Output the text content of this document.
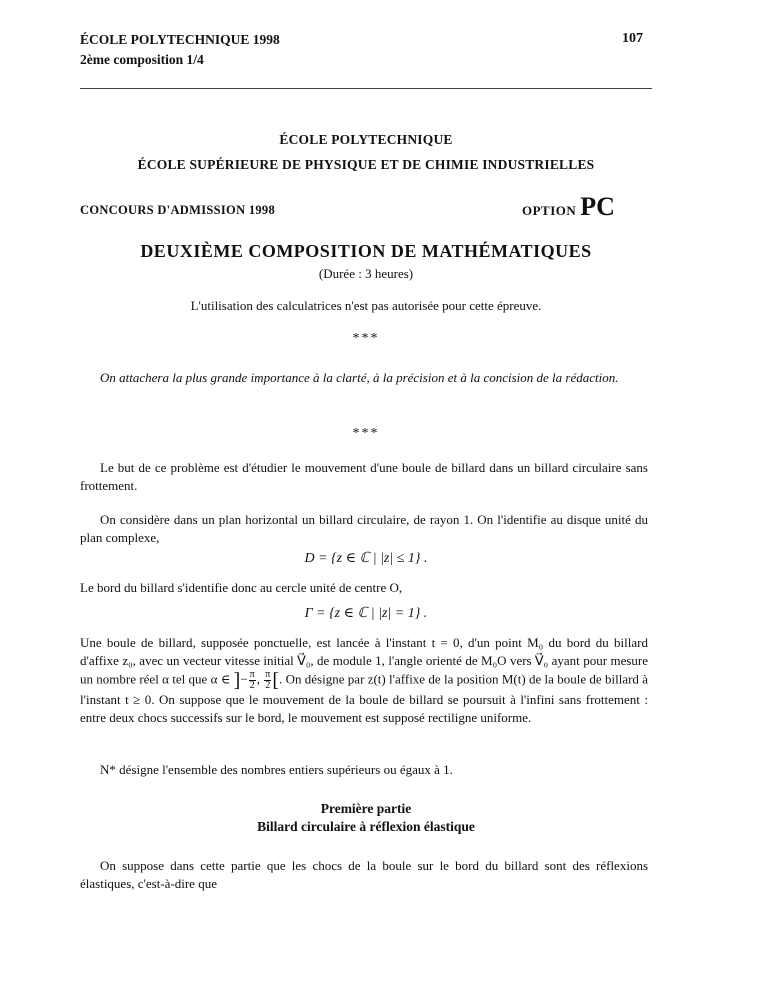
ÉCOLE POLYTECHNIQUE 1998
2ème composition 1/4
107
ÉCOLE POLYTECHNIQUE
ÉCOLE SUPÉRIEURE DE PHYSIQUE ET DE CHIMIE INDUSTRIELLES
CONCOURS D'ADMISSION 1998	OPTION PC
DEUXIÈME COMPOSITION DE MATHÉMATIQUES
(Durée : 3 heures)
L'utilisation des calculatrices n'est pas autorisée pour cette épreuve.
***
On attachera la plus grande importance à la clarté, à la précision et à la concision de la rédaction.
***
Le but de ce problème est d'étudier le mouvement d'une boule de billard dans un billard circulaire sans frottement.
On considère dans un plan horizontal un billard circulaire, de rayon 1. On l'identifie au disque unité du plan complexe,
D = {z ∈ ℂ | |z| ≤ 1} .
Le bord du billard s'identifie donc au cercle unité de centre O,
Γ = {z ∈ ℂ | |z| = 1} .
Une boule de billard, supposée ponctuelle, est lancée à l'instant t = 0, d'un point M₀ du bord du billard d'affixe z₀, avec un vecteur vitesse initial V⃗₀, de module 1, l'angle orienté de M₀O vers V⃗₀ ayant pour mesure un nombre réel α tel que α ∈ ]− $\frac{\pi}{2}$ , $\frac{\pi}{2}$ [. On désigne par z(t) l'affixe de la position M(t) de la boule de billard à l'instant t ≥ 0. On suppose que le mouvement de la boule de billard se poursuit à l'infini sans frottement : entre deux chocs successifs sur le bord, le mouvement est supposé rectiligne uniforme.
N* désigne l'ensemble des nombres entiers supérieurs ou égaux à 1.
Première partie
Billard circulaire à réflexion élastique
On suppose dans cette partie que les chocs de la boule sur le bord du billard sont des réflexions élastiques, c'est-à-dire que
